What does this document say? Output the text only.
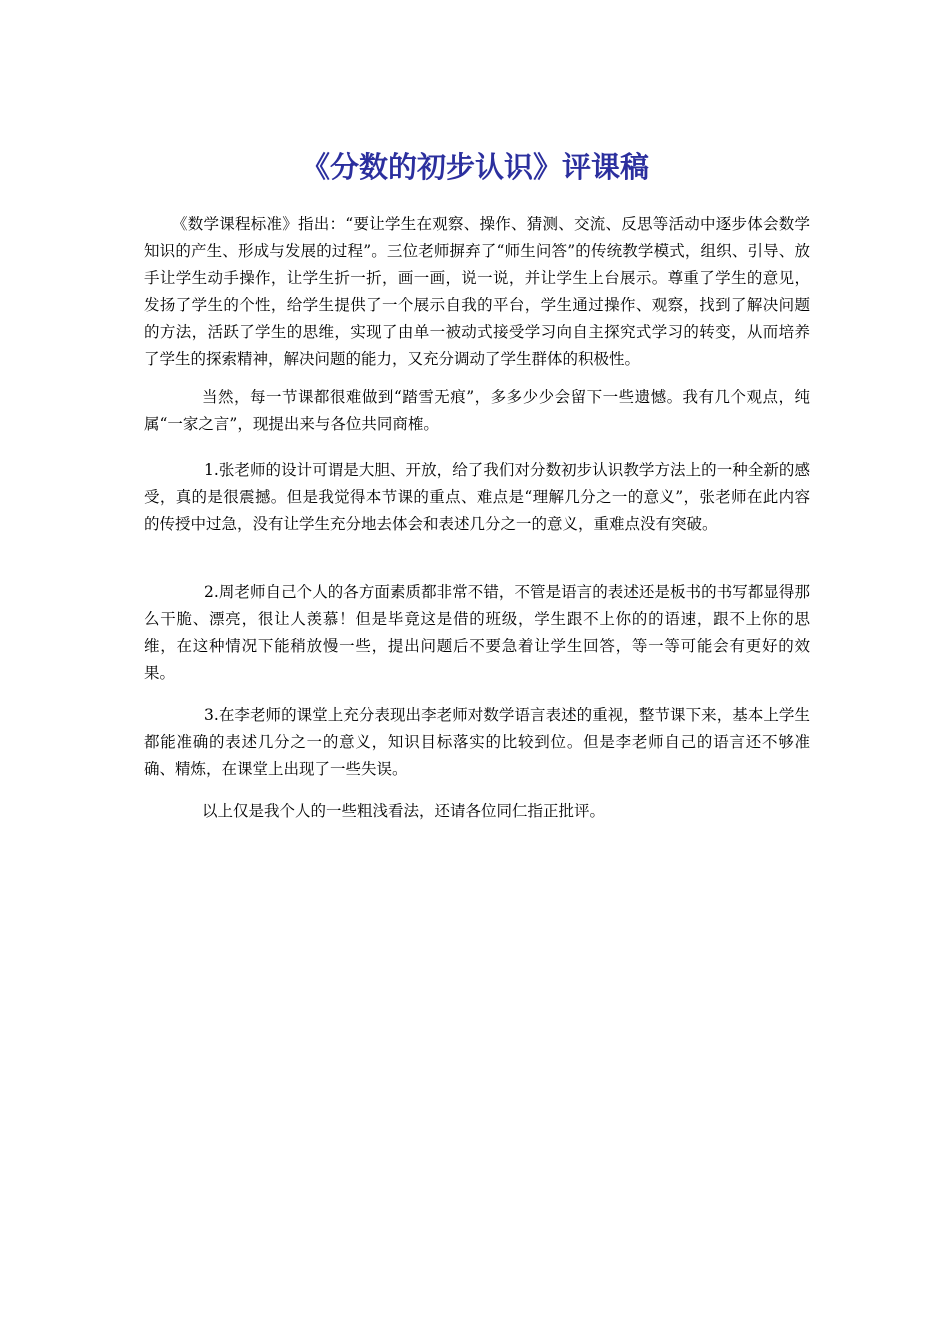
《分数的初步认识》评课稿

《数学课程标准》指出：“要让学生在观察、操作、猜测、交流、反思等活动中逐步体会数学知识的产生、形成与发展的过程”。三位老师摒弃了“师生问答”的传统教学模式，组织、引导、放手让学生动手操作，让学生折一折，画一画，说一说，并让学生上台展示。尊重了学生的意见，发扬了学生的个性，给学生提供了一个展示自我的平台，学生通过操作、观察，找到了解决问题的方法，活跃了学生的思维，实现了由单一被动式接受学习向自主探究式学习的转变，从而培养了学生的探索精神，解决问题的能力，又充分调动了学生群体的积极性。

当然，每一节课都很难做到“踏雪无痕”，多多少少会留下一些遗憾。我有几个观点，纯属“一家之言”，现提出来与各位共同商榷。

1.张老师的设计可谓是大胆、开放，给了我们对分数初步认识教学方法上的一种全新的感受，真的是很震撼。但是我觉得本节课的重点、难点是“理解几分之一的意义”，张老师在此内容的传授中过急，没有让学生充分地去体会和表述几分之一的意义，重难点没有突破。

2.周老师自己个人的各方面素质都非常不错，不管是语言的表述还是板书的书写都显得那么干脆、漂亮，很让人羡慕！但是毕竟这是借的班级，学生跟不上你的的语速，跟不上你的思维，在这种情况下能稍放慢一些，提出问题后不要急着让学生回答，等一等可能会有更好的效果。

3.在李老师的课堂上充分表现出李老师对数学语言表述的重视，整节课下来，基本上学生都能准确的表述几分之一的意义，知识目标落实的比较到位。但是李老师自己的语言还不够准确、精炼，在课堂上出现了一些失误。

以上仅是我个人的一些粗浅看法，还请各位同仁指正批评。
